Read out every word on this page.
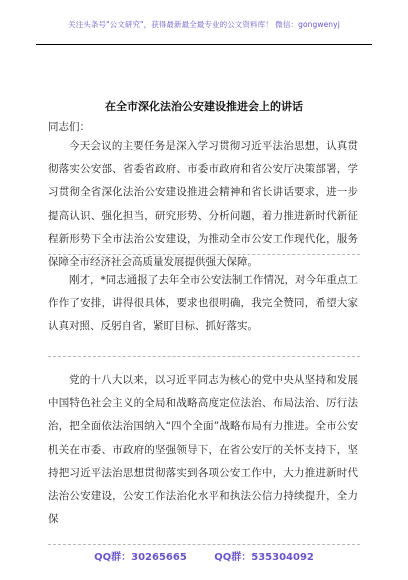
关注头条号"公文研究"，获得最新最全最专业的公文资料库！ 微信：gongwenyj
在全市深化法治公安建设推进会上的讲话
同志们：
今天会议的主要任务是深入学习贯彻习近平法治思想，认真贯彻落实公安部、省委省政府、市委市政府和省公安厅决策部署，学习贯彻全省深化法治公安建设推进会精神和省长讲话要求，进一步提高认识、强化担当，研究形势、分析问题，着力推进新时代新征程新形势下全市法治公安建设，为推动全市公安工作现代化，服务保障全市经济社会高质量发展提供强大保障。
刚才，*同志通报了去年全市公安法制工作情况，对今年重点工作作了安排，讲得很具体，要求也很明确，我完全赞同，希望大家认真对照、反躬自省，紧盯目标、抓好落实。
党的十八大以来，以习近平同志为核心的党中央从坚持和发展中国特色社会主义的全局和战略高度定位法治、布局法治、厉行法治，把全面依法治国纳入“四个全面”战略布局有力推进。全市公安机关在市委、市政府的坚强领导下，在省公安厅的关怀支持下，坚持把习近平法治思想贯彻落实到各项公安工作中，大力推进新时代法治公安建设，公安工作法治化水平和执法公信力持续提升，全力保
QQ群：30265665	QQ群：535304092
